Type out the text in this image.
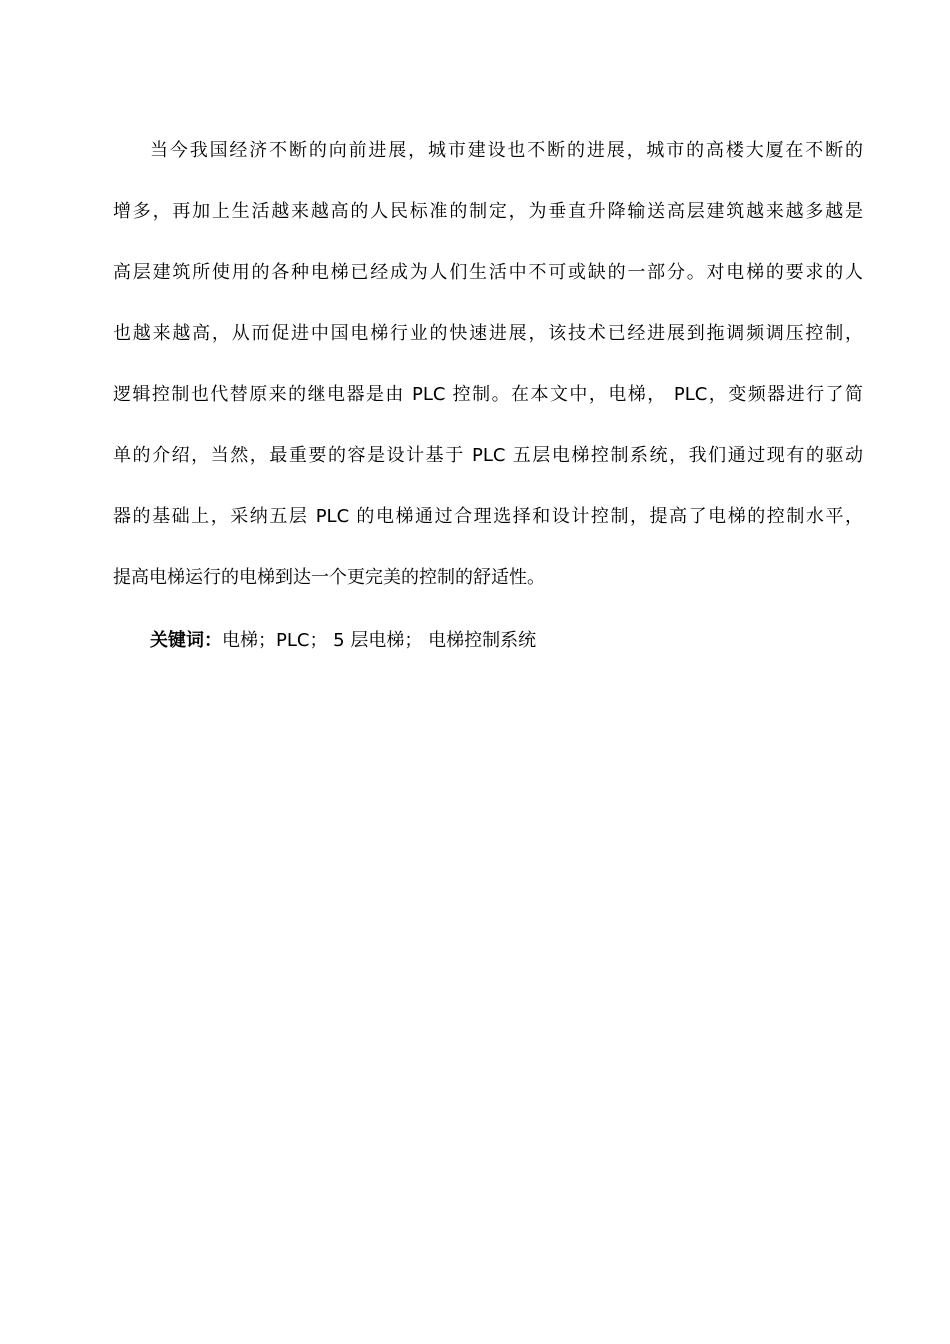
当今我国经济不断的向前进展，城市建设也不断的进展，城市的高楼大厦在不断的
增多，再加上生活越来越高的人民标准的制定，为垂直升降输送高层建筑越来越多越是
高层建筑所使用的各种电梯已经成为人们生活中不可或缺的一部分。对电梯的要求的人
也越来越高，从而促进中国电梯行业的快速进展，该技术已经进展到拖调频调压控制，
逻辑控制也代替原来的继电器是由 PLC 控制。在本文中，电梯， PLC，变频器进行了简
单的介绍，当然，最重要的容是设计基于 PLC 五层电梯控制系统，我们通过现有的驱动
器的基础上，采纳五层 PLC 的电梯通过合理选择和设计控制，提高了电梯的控制水平，
提高电梯运行的电梯到达一个更完美的控制的舒适性。
关键词：电梯；PLC； 5 层电梯； 电梯控制系统
